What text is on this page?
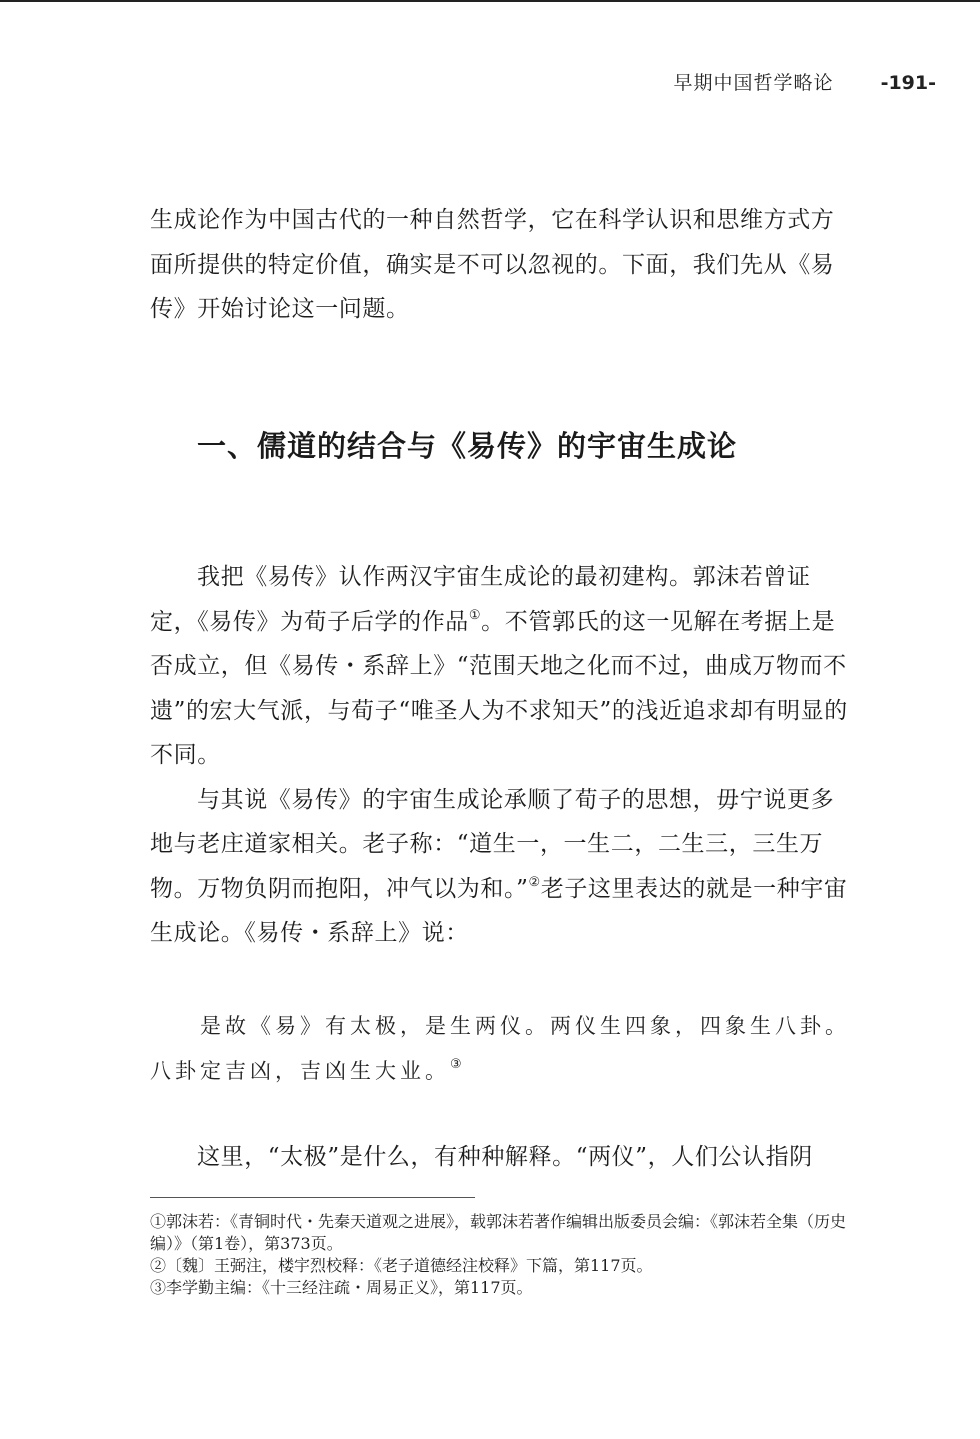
早期中国哲学略论 -191-

生成论作为中国古代的一种自然哲学，它在科学认识和思维方式方面所提供的特定价值，确实是不可以忽视的。下面，我们先从《易传》开始讨论这一问题。

一、儒道的结合与《易传》的宇宙生成论

我把《易传》认作两汉宇宙生成论的最初建构。郭沫若曾证定，《易传》为荀子后学的作品①。不管郭氏的这一见解在考据上是否成立，但《易传・系辞上》“范围天地之化而不过，曲成万物而不遗”的宏大气派，与荀子“唯圣人为不求知天”的浅近追求却有明显的不同。

与其说《易传》的宇宙生成论承顺了荀子的思想，毋宁说更多地与老庄道家相关。老子称：“道生一，一生二，二生三，三生万物。万物负阴而抱阳，冲气以为和。”②老子这里表达的就是一种宇宙生成论。《易传・系辞上》说：

是故《易》有太极，是生两仪。两仪生四象，四象生八卦。八卦定吉凶，吉凶生大业。③

这里，“太极”是什么，有种种解释。“两仪”，人们公认指阴

①郭沫若：《青铜时代・先秦天道观之进展》，载郭沫若著作编辑出版委员会编：《郭沫若全集（历史编）》（第1卷），第373页。

②〔魏〕王弼注，楼宇烈校释：《老子道德经注校释》下篇，第117页。

③李学勤主编：《十三经注疏・周易正义》，第117页。
